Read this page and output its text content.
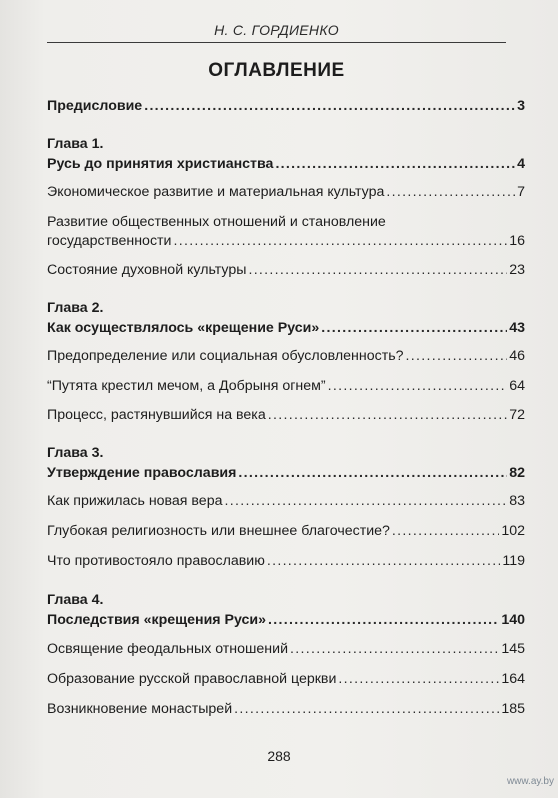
Н. С. ГОРДИЕНКО
ОГЛАВЛЕНИЕ
Предисловие .....	3
Глава 1.
Русь до принятия христианства .....	4
Экономическое развитие и материальная культура .....	7
Развитие общественных отношений и становление
государственности .....	16
Состояние духовной культуры .....	23
Глава 2.
Как осуществлялось «крещение Руси» .....	43
Предопределение или социальная обусловленность? .....	46
“Путята крестил мечом, а Добрыня огнем” .....	64
Процесс, растянувшийся на века .....	72
Глава 3.
Утверждение православия .....	82
Как прижилась новая вера .....	83
Глубокая религиозность или внешнее благочестие? .....	102
Что противостояло православию .....	119
Глава 4.
Последствия «крещения Руси» .....	140
Освящение феодальных отношений .....	145
Образование русской православной церкви .....	164
Возникновение монастырей .....	185
288
www.ay.by
